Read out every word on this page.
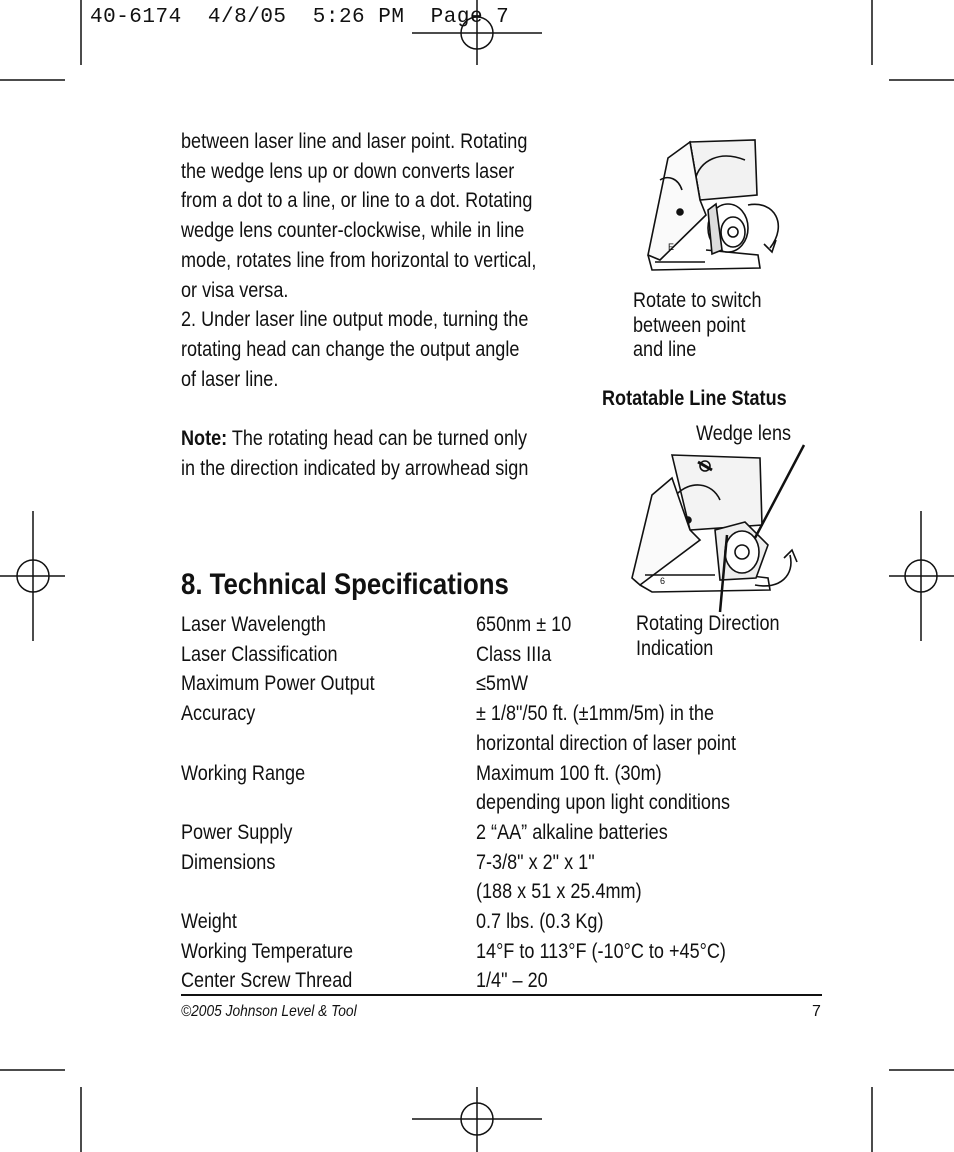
40-6174  4/8/05  5:26 PM  Page 7

between laser line and laser point. Rotating

the wedge lens up or down converts laser

from a dot to a line, or line to a dot. Rotating

wedge lens counter-clockwise, while in line

mode, rotates line from horizontal to vertical,

or visa versa.

2. Under laser line output mode, turning the

rotating head can change the output angle

of laser line.

Note: The rotating head can be turned only

in the direction indicated by arrowhead sign

E
Rotate to switch
between point
and line
Rotatable Line Status
Wedge lens
6
Rotating Direction
Indication
8. Technical Specifications
Laser Wavelength	650nm ± 10
Laser Classification	Class IIIa
Maximum Power Output	≤5mW
Accuracy	± 1/8"/50 ft. (±1mm/5m) in the
horizontal direction of laser point
Working Range	Maximum 100 ft. (30m)
depending upon light conditions
Power Supply	2 “AA” alkaline batteries
Dimensions	7-3/8" x 2" x 1"
(188 x 51 x 25.4mm)
Weight	0.7 lbs. (0.3 Kg)
Working Temperature	14°F to 113°F (-10°C to +45°C)
Center Screw Thread	1/4" – 20
©2005 Johnson Level & Tool	7
